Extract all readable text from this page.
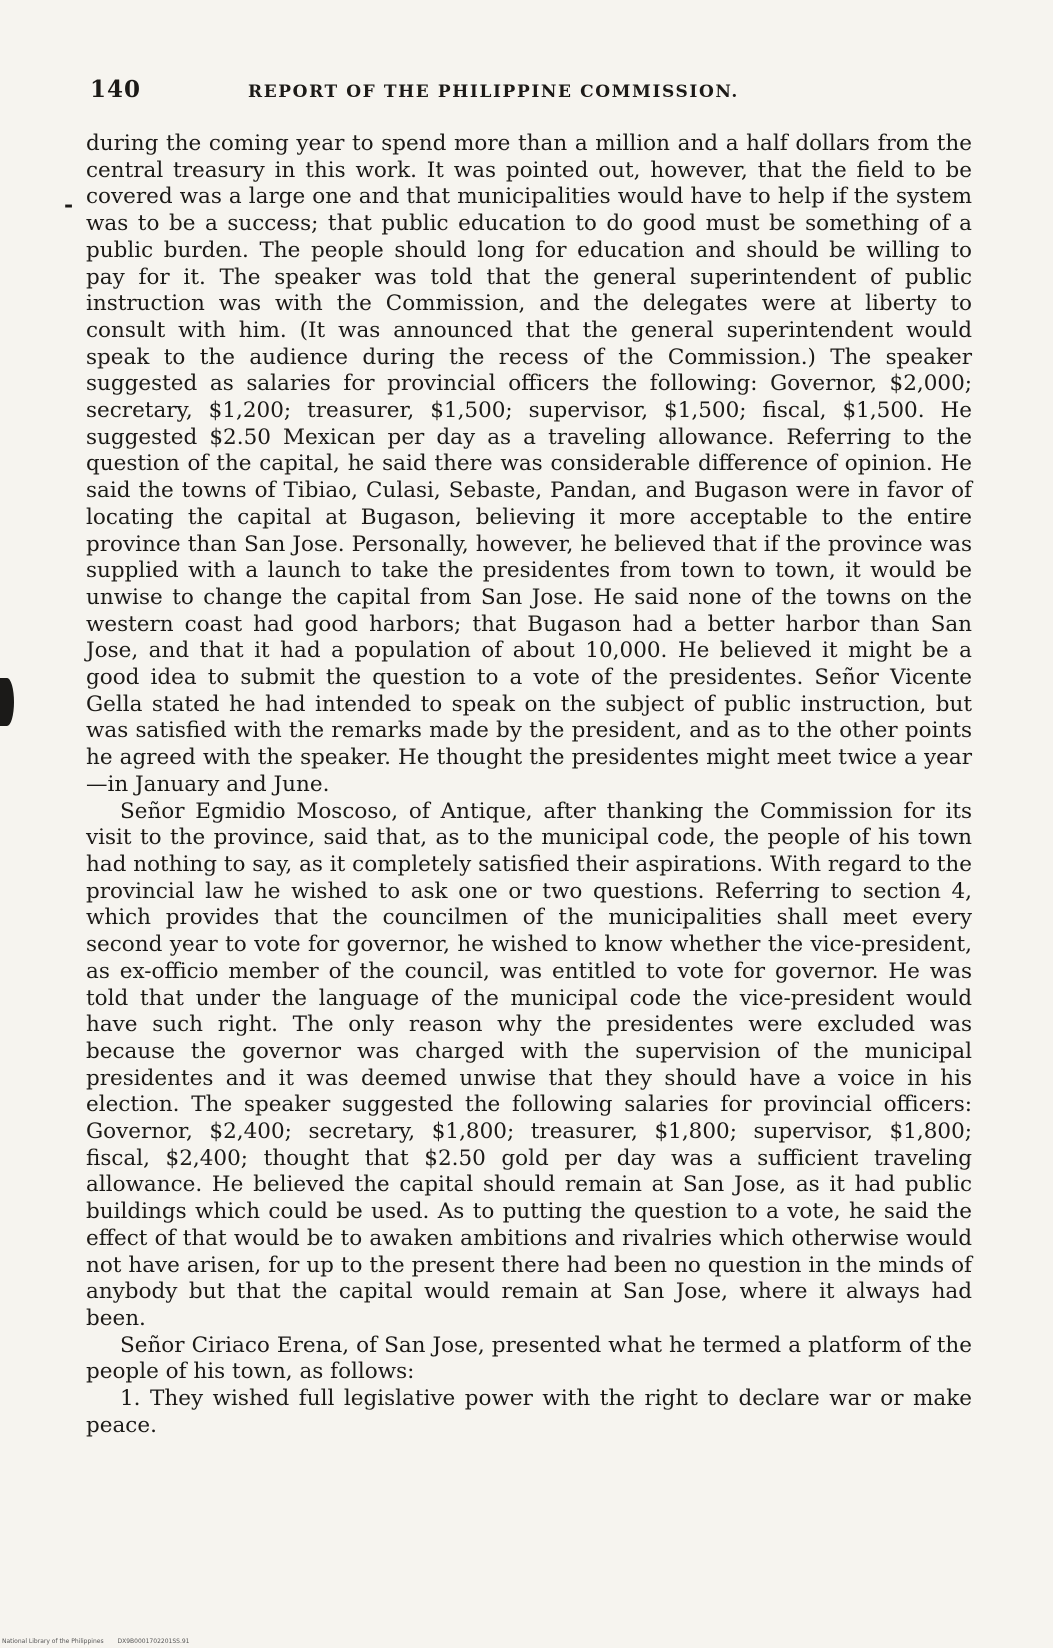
140	REPORT OF THE PHILIPPINE COMMISSION.
-

during the coming year to spend more than a million and a half dollars from the central treasury in this work. It was pointed out, however, that the field to be covered was a large one and that municipalities would have to help if the system was to be a success; that public education to do good must be something of a public burden. The people should long for education and should be willing to pay for it. The speaker was told that the general superintendent of public instruction was with the Commission, and the delegates were at liberty to consult with him. (It was announced that the general superintendent would speak to the audience during the recess of the Commission.) The speaker suggested as salaries for provincial officers the following: Governor, $2,000; secretary, $1,200; treasurer, $1,500; supervisor, $1,500; fiscal, $1,500. He suggested $2.50 Mexican per day as a traveling allowance. Referring to the question of the capital, he said there was considerable difference of opinion. He said the towns of Tibiao, Culasi, Sebaste, Pandan, and Bugason were in favor of locating the capital at Bugason, believing it more acceptable to the entire province than San Jose. Personally, however, he believed that if the province was supplied with a launch to take the presidentes from town to town, it would be unwise to change the capital from San Jose. He said none of the towns on the western coast had good harbors; that Bugason had a better harbor than San Jose, and that it had a population of about 10,000. He believed it might be a good idea to submit the question to a vote of the presidentes. Señor Vicente Gella stated he had intended to speak on the subject of public instruction, but was satisfied with the remarks made by the president, and as to the other points he agreed with the speaker. He thought the presidentes might meet twice a year—in January and June.

Señor Egmidio Moscoso, of Antique, after thanking the Commission for its visit to the province, said that, as to the municipal code, the people of his town had nothing to say, as it completely satisfied their aspirations. With regard to the provincial law he wished to ask one or two questions. Referring to section 4, which provides that the councilmen of the municipalities shall meet every second year to vote for governor, he wished to know whether the vice-president, as ex-officio member of the council, was entitled to vote for governor. He was told that under the language of the municipal code the vice-president would have such right. The only reason why the presidentes were excluded was because the governor was charged with the supervision of the municipal presidentes and it was deemed unwise that they should have a voice in his election. The speaker suggested the following salaries for provincial officers: Governor, $2,400; secretary, $1,800; treasurer, $1,800; supervisor, $1,800; fiscal, $2,400; thought that $2.50 gold per day was a sufficient traveling allowance. He believed the capital should remain at San Jose, as it had public buildings which could be used. As to putting the question to a vote, he said the effect of that would be to awaken ambitions and rivalries which otherwise would not have arisen, for up to the present there had been no question in the minds of anybody but that the capital would remain at San Jose, where it always had been.

Señor Ciriaco Erena, of San Jose, presented what he termed a platform of the people of his town, as follows:

1. They wished full legislative power with the right to declare war or make peace.

National Library of the Philippines DX9B0001702201SS.91
